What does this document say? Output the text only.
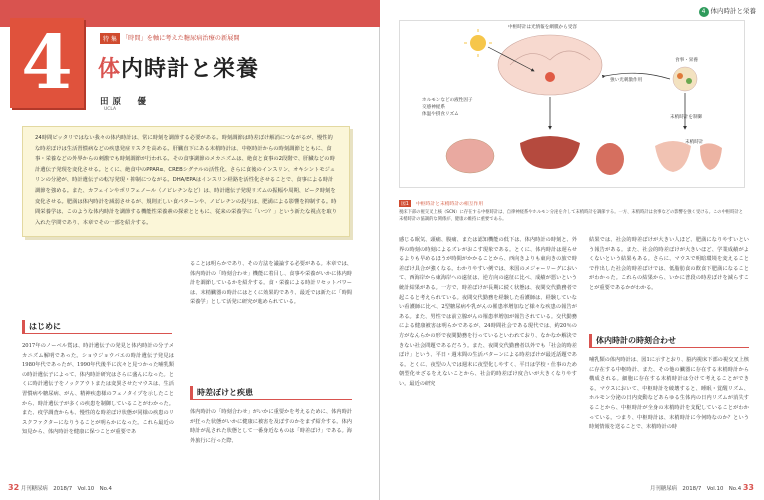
4	特 集 「時間」を軸に考えた糖尿病治療の新展開
体内時計と栄養
田原　優
UCLA

24時間ピッタリではない我々の体内時計は、常に時刻を調節する必要がある。時刻調節は時差ぼけ解消につながるが、慢性的な時差ぼけは生活習慣病などの疾患発症リスクを高める。肝臓直下にある末梢時計は、中枢時計からの時刻調節とともに、食事・栄養などの外界からの刺激でも時刻調節が行われる。その食事調節のメカニズムは、絶食と食事の2段階で、肝臓などの時計遺伝子発現を変化させる。とくに、絶食中のPPARα、CREBシグナルの活性化、さらに食後のインスリン、オキシントモジュリンの分泌が、時計遺伝子の転写発現・抑制につながる。DHA/EPAはインスリン経路を活性化させることで、食事による時計調節を強める。また、カフェインやポリフェノール（ノビレチンなど）は、時計遺伝子発現リズムの振幅や周期、ピーク時刻を変化させる。肥満は体内時計を減弱させるが、規則正しい食パターンや、ノビレチンの投与は、肥満による影響を抑制する。時間栄養学は、このような体内時計を調節する機能性栄養素の探索とともに、従来の栄養学に「いつ？」という新たな視点を取り入れた学問であり、本章でその一部を紹介する。

はじめに
2017年のノーベル賞は、時計遺伝子の発見と体内時計の分子メカニズム解明であった。ショウジョウバエの時計遺伝子発見は1980年代であったが、1990年代後半に次々と見つかった哺乳類の時計遺伝子によって、体内時計研究はさらに盛んになった。とくに時計遺伝子をノックアウトまたは変異させたマウスは、生活習慣病や糖尿病、がん、精神疾患様のフェノタイプを示したことから、時計遺伝子が多くの疾患を制御していることがわかった。また、疫学調査からも、慢性的な時差ぼけ状態が同様の疾患のリスクファクターになりうることが明らかになった。これら最近の知見から、体内時計を健康に保つことが重要であ
ることは明らかであり、その方法を議論する必要がある。本章では、体内時計の「時刻合わせ」機能に着目し、食事や栄養がいかに体内時計を調節しているかを紹介する。食・栄養による時計リセットパワーは、末梢臓器の時計にはとくに効果的であり、最近では新たに「時間栄養学」として活発に研究が進められている。
時差ぼけと疾患
体内時計の「時刻合わせ」がいかに重要かを考えるために、体内時計が狂った状態がいかに健康に被害を及ぼすのかをまず紹介する。体内時計が乱された状態として一番身近なものは「時差ぼけ」である。海外旅行に行った際、
32 月刊糖尿病　2018/7　Vol.10　No.4
4 体内時計と栄養
中枢時計は光情報を網膜から受容
強い光刺激作用
食事・栄養
ホルモンなどの液性因子
交感神経系
体温や摂食リズム
末梢時計を制御
末梢時計
図1 中枢時計と末梢時計の相互作用

視床下部の視交叉上核（SCN）に存在する中枢時計は、自律神経系やホルモン分泌を介して末梢時計を調節する。一方、末梢時計は食事などの影響を強く受ける。この中枢時計と末梢時計の協調的な関係が、健康の維持に重要である。

感じる眠気、頭痛、腹痛、または認知機能の低下は、体内時計の時刻と、外界の時刻の時刻によるズレがおこす現象である。とくに、体内時計は遅らせるよりも早めるほうが時間がかかることから、西向きよりも東向きの旅で時差ぼけ具合が強くなる。わかりやすい例では、米国のメジャーリーグにおいて、西海岸から東海岸への遠征は、逆方向の遠征に比べ、成績が悪いという統計結果がある。一方で、時差ぼけが長期に続く状態は、夜間交代勤務者で起こると考えられている。夜間交代勤務を経験した看護師は、経験していない看護師に比べ、2型糖尿病や乳がんの罹患率増加など様々な疾患の報告がある。また、男性では前立腺がんの罹患率増加が報告されている。交代勤務による健康被害は明らかであるが、24時間社会である現代では、約20％の方がなんらかの形で夜間勤務を行っているといわれており、なかなか解決できない社会問題であるだろう。また、夜間交代勤務者以外でも「社会的時差ぼけ」という、平日・週末間の生活パターンによる時差ぼけが最近話題である。とくに、夜型の人では週末に夜型化しやすく、平日は学校・仕事のため朝型化せざるをえないことから、社会的時差ぼけ度合いが大きくなりやすい。最近の研究
結果では、社会的時差ぼけが大きい人ほど、肥満になりやすいという報告がある。また、社会的時差ぼけが大きいほど、学業成績がよくないという結果もある。さらに、マウスで明暗環境を変えることで作出した社会的時差ぼけでは、低脂肪食の飲食下肥満になることがわかった。これらの結果から、いかに普段の時差ぼけを減らすことが重要であるかがわかる。
体内時計の時刻合わせ
哺乳類の体内時計は、図1に示すとおり、脳内視床下部の視交叉上核に存在する中枢時計、また、その他の臓器に存在する末梢時計から構成される。細胞に存在する末梢時計は分けて考えることができる。マウスにおいて、中枢時計を破壊すると、睡眠・覚醒リズム、ホルモン分泌の日内変動などあらゆる生体内の日内リズムが消失することから、中枢時計が全身の末梢時計を支配していることがわかっている。つまり、中枢時計は、末梢時計に今何時なのか？という時刻情報を送ることで、末梢時計の時
月刊糖尿病　2018/7　Vol.10　No.4 33
